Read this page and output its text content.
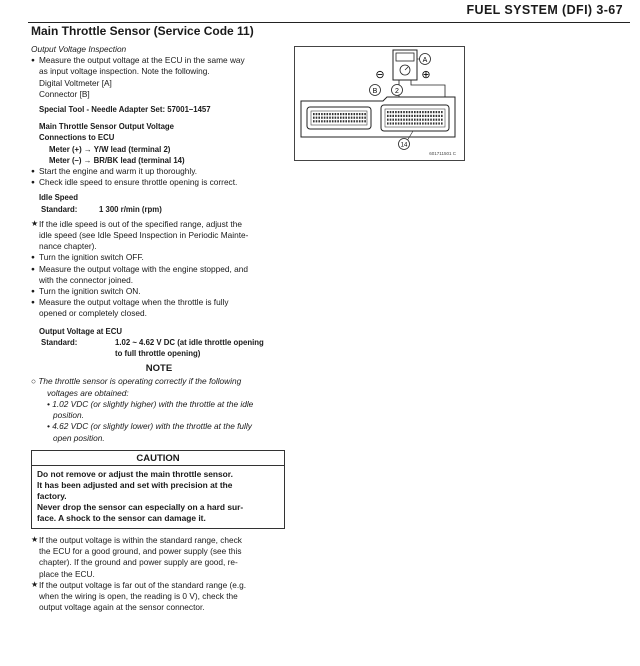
FUEL SYSTEM (DFI) 3-67
Main Throttle Sensor (Service Code 11)
Output Voltage Inspection
● Measure the output voltage at the ECU in the same way
as input voltage inspection. Note the following.
Digital Voltmeter [A]
Connector [B]
Special Tool - Needle Adapter Set: 57001–1457
Main Throttle Sensor Output Voltage
Connections to ECU
Meter (+) → Y/W lead (terminal 2)
Meter (–) → BR/BK lead (terminal 14)
● Start the engine and warm it up thoroughly.
● Check idle speed to ensure throttle opening is correct.
Idle Speed
Standard:	1 300 r/min (rpm)
★ If the idle speed is out of the specified range, adjust the
idle speed (see Idle Speed Inspection in Periodic Mainte-
nance chapter).
● Turn the ignition switch OFF.
● Measure the output voltage with the engine stopped, and
with the connector joined.
● Turn the ignition switch ON.
● Measure the output voltage when the throttle is fully
opened or completely closed.
Output Voltage at ECU
Standard:	1.02 ~ 4.62 V DC (at idle throttle opening
to full throttle opening)
NOTE
○ The throttle sensor is operating correctly if the following
voltages are obtained:
• 1.02 VDC (or slightly higher) with the throttle at the idle
position.
• 4.62 VDC (or slightly lower) with the throttle at the fully
open position.
CAUTION
Do not remove or adjust the main throttle sensor.
It has been adjusted and set with precision at the
factory.
Never drop the sensor can especially on a hard sur-
face. A shock to the sensor can damage it.
★ If the output voltage is within the standard range, check
the ECU for a good ground, and power supply (see this
chapter). If the ground and power supply are good, re-
place the ECU.
★ If the output voltage is far out of the standard range (e.g.
when the wiring is open, the reading is 0 V), check the
output voltage again at the sensor connector.
A
⊖	⊕
B	2
14
601711501 C
